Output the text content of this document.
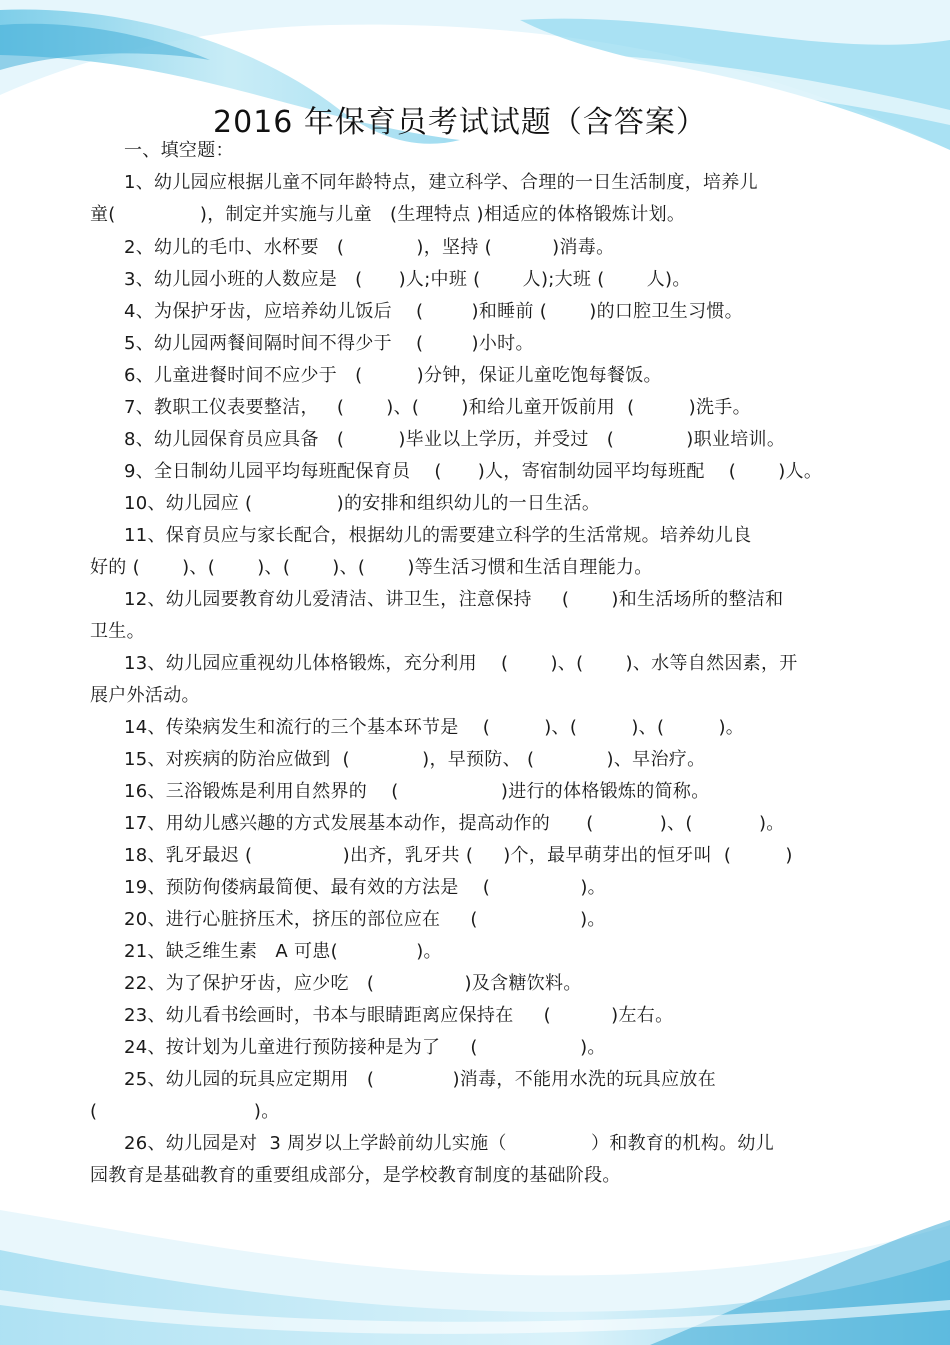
2016 年保育员考试试题（含答案）
一、填空题：
1、幼儿园应根据儿童不同年龄特点，建立科学、合理的一日生活制度，培养儿
童(              )，制定并实施与儿童   (生理特点 )相适应的体格锻炼计划。
2、幼儿的毛巾、水杯要   (            )，坚持 (          )消毒。
3、幼儿园小班的人数应是   (      )人;中班 (       人);大班 (       人)。
4、为保护牙齿，应培养幼儿饭后    (        )和睡前 (       )的口腔卫生习惯。
5、幼儿园两餐间隔时间不得少于    (        )小时。
6、儿童进餐时间不应少于   (         )分钟，保证儿童吃饱每餐饭。
7、教职工仪表要整洁，   (       )、(       )和给儿童开饭前用  (         )洗手。
8、幼儿园保育员应具备   (         )毕业以上学历，并受过   (            )职业培训。
9、全日制幼儿园平均每班配保育员    (      )人，寄宿制幼园平均每班配    (       )人。
10、幼儿园应 (              )的安排和组织幼儿的一日生活。
11、保育员应与家长配合，根据幼儿的需要建立科学的生活常规。培养幼儿良
好的 (       )、(       )、(       )、(       )等生活习惯和生活自理能力。
12、幼儿园要教育幼儿爱清洁、讲卫生，注意保持     (       )和生活场所的整洁和
卫生。
13、幼儿园应重视幼儿体格锻炼，充分利用    (       )、(       )、水等自然因素，开
展户外活动。
14、传染病发生和流行的三个基本环节是    (         )、(         )、(         )。
15、对疾病的防治应做到  (            )，早预防、 (            )、早治疗。
16、三浴锻炼是利用自然界的    (                 )进行的体格锻炼的简称。
17、用幼儿感兴趣的方式发展基本动作，提高动作的      (           )、(           )。
18、乳牙最迟 (               )出齐，乳牙共 (     )个，最早萌芽出的恒牙叫  (         )
19、预防佝偻病最简便、最有效的方法是    (               )。
20、进行心脏挤压术，挤压的部位应在     (                 )。
21、缺乏维生素   A 可患(             )。
22、为了保护牙齿，应少吃   (               )及含糖饮料。
23、幼儿看书绘画时，书本与眼睛距离应保持在     (          )左右。
24、按计划为儿童进行预防接种是为了     (                 )。
25、幼儿园的玩具应定期用   (             )消毒，不能用水洗的玩具应放在
(                          )。
26、幼儿园是对  3 周岁以上学龄前幼儿实施（              ）和教育的机构。幼儿
园教育是基础教育的重要组成部分，是学校教育制度的基础阶段。
